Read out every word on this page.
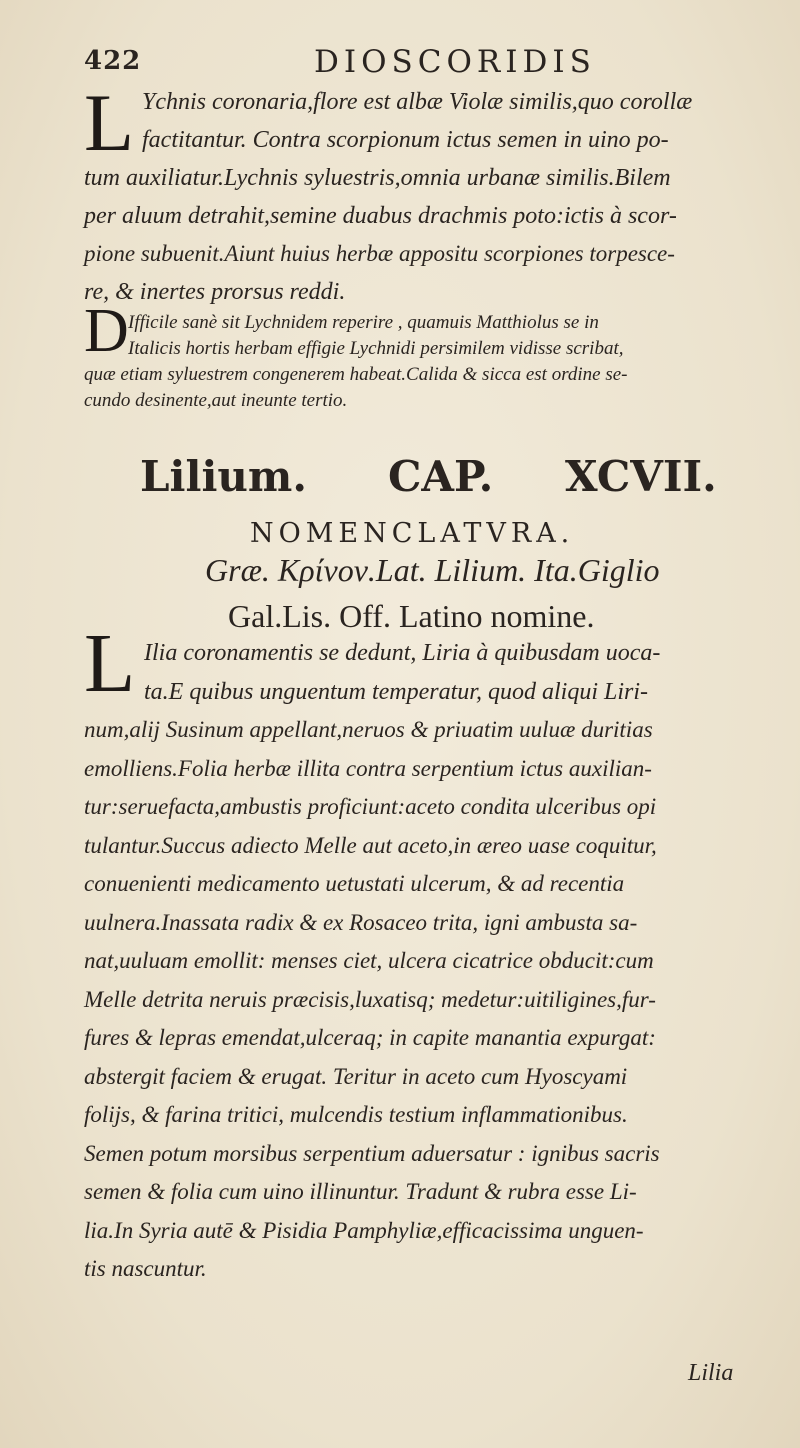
422	DIOSCORIDIS
L Ychnis coronaria,flore est albæ Violæ similis,quo corollæ
factitantur. Contra scorpionum ictus semen in uino po-
tum auxiliatur.Lychnis syluestris,omnia urbanæ similis.Bilem
per aluum detrahit,semine duabus drachmis poto:ictis à scor-
pione subuenit.Aiunt huius herbæ appositu scorpiones torpesce-
re, & inertes prorsus reddi.
D Ifficile sanè sit Lychnidem reperire , quamuis Matthiolus se in
Italicis hortis herbam effigie Lychnidi persimilem vidisse scribat,
quæ etiam syluestrem congenerem habeat.Calida & sicca est ordine se-
cundo desinente,aut ineunte tertio.
Lilium. CAP. XCVII.
NOMENCLATVRA.
Græ. Κρίνον.Lat. Lilium. Ita.Giglio
Gal.Lis. Off. Latino nomine.
L Ilia coronamentis se dedunt, Liria à quibusdam uoca-
ta.E quibus unguentum temperatur, quod aliqui Liri-
num,alij Susinum appellant,neruos & priuatim uuluæ duritias
emolliens.Folia herbæ illita contra serpentium ictus auxilian-
tur:seruefacta,ambustis proficiunt:aceto condita ulceribus opi
tulantur.Succus adiecto Melle aut aceto,in æreo uase coquitur,
conuenienti medicamento uetustati ulcerum, & ad recentia
uulnera.Inassata radix & ex Rosaceo trita, igni ambusta sa-
nat,uuluam emollit: menses ciet, ulcera cicatrice obducit:cum
Melle detrita neruis præcisis,luxatisq; medetur:uitiligines,fur-
fures & lepras emendat,ulceraq; in capite manantia expurgat:
abstergit faciem & erugat. Teritur in aceto cum Hyoscyami
folijs, & farina tritici, mulcendis testium inflammationibus.
Semen potum morsibus serpentium aduersatur : ignibus sacris
semen & folia cum uino illinuntur. Tradunt & rubra esse Li-
lia.In Syria autē & Pisidia Pamphyliæ,efficacissima unguen-
tis nascuntur.
Lilia
